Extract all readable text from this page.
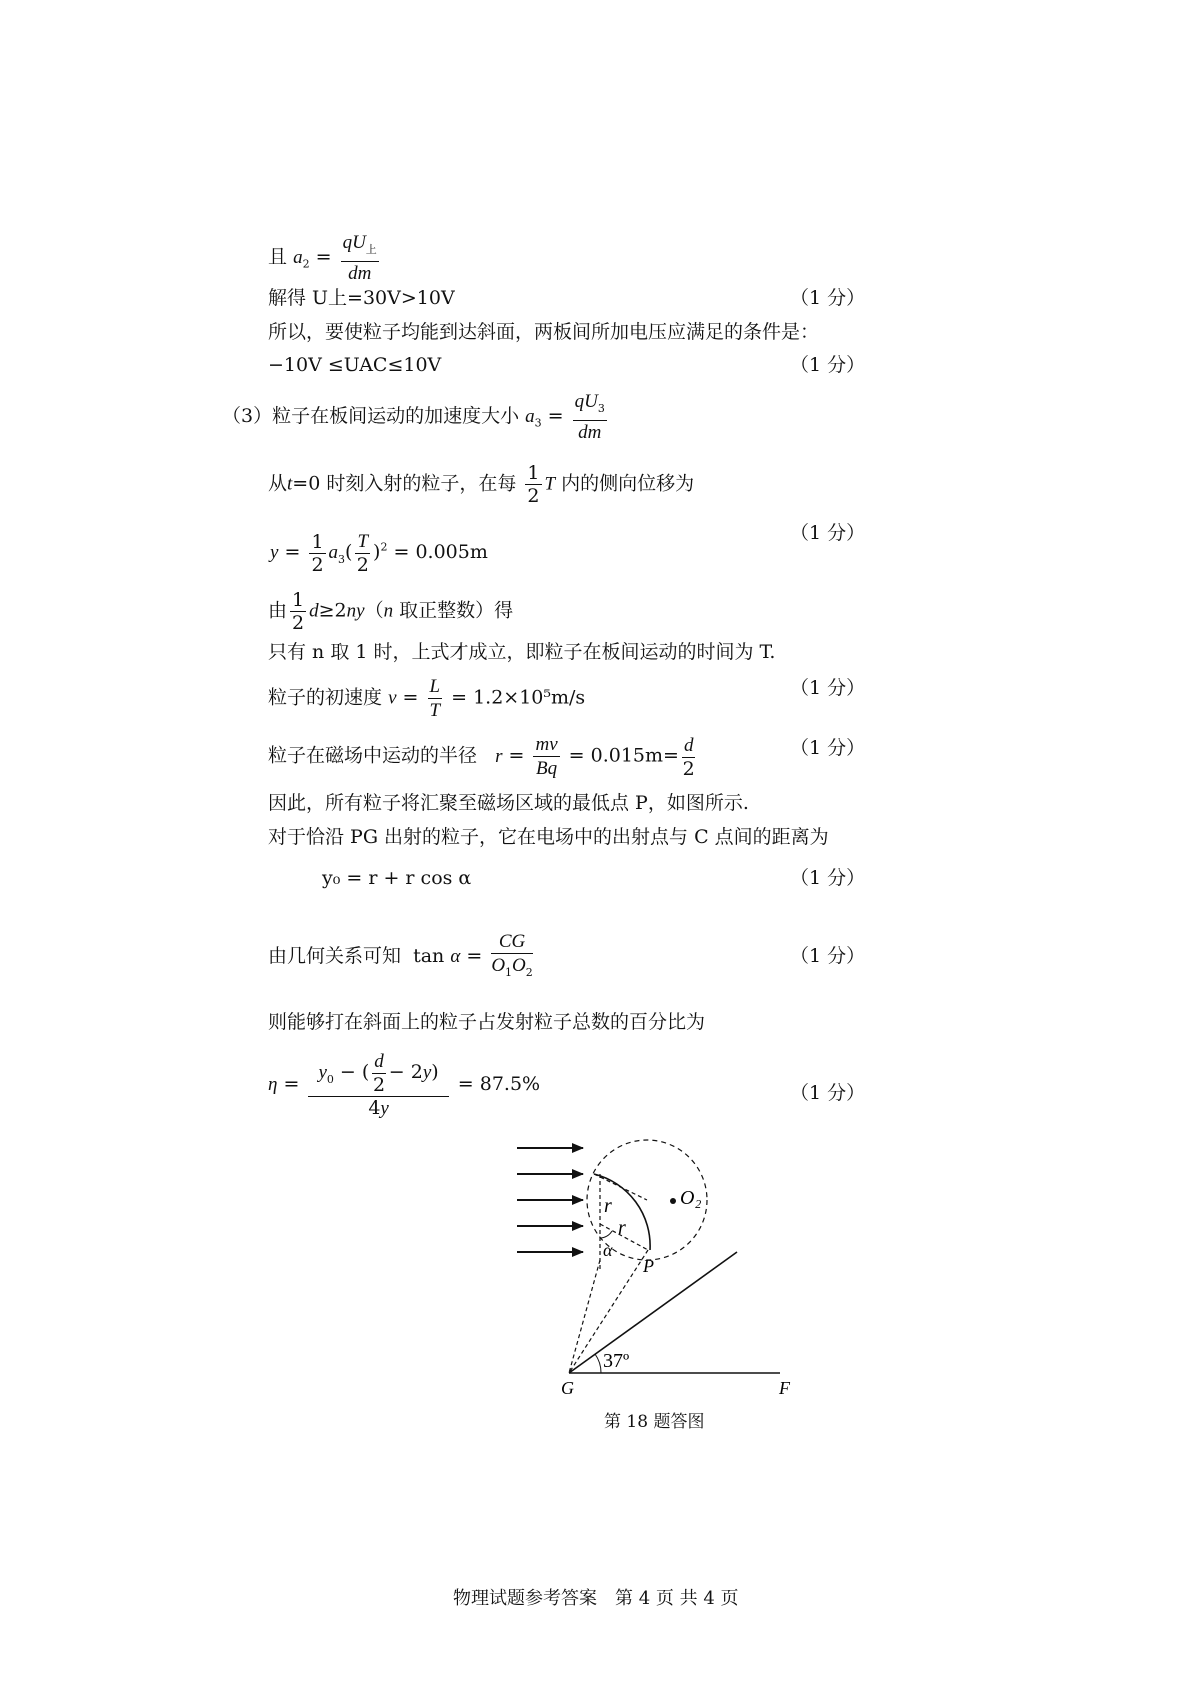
且 $a_2 = \frac{qU_上}{dm}$
解得 U上=30V>10V	（1 分）
所以，要使粒子均能到达斜面，两板间所加电压应满足的条件是：
−10V ≤UAC≤10V	（1 分）
（3）粒子在板间运动的加速度大小 $a_3 = \frac{qU_3}{dm}$
从t=0 时刻入射的粒子，在每 $\frac{1}{2}$ T 内的侧向位移为
$y = \frac{1}{2} a_3( \frac{T}{2} )^2 = 0.005m$
（1 分）
由 $\frac{1}{2} d\ge 2ny(n$ 取正整数）得
只有 n 取 1 时，上式才成立，即粒子在板间运动的时间为 T.
粒子的初速度 $v = \frac{L}{T} = 1.2\times 10^5m/s$	（1 分）
粒子在磁场中运动的半径 $r = \frac{mv}{Bq} = 0.015m= \frac{d}{2}$	（1 分）
因此，所有粒子将汇聚至磁场区域的最低点 P，如图所示.
对于恰沿 PG 出射的粒子，它在电场中的出射点与 C 点间的距离为
y₀ = r + r cos α	（1 分）
由几何关系可知 $\tan \alpha = \frac{CG}{O_1O_2}$	（1 分）
则能够打在斜面上的粒子占发射粒子总数的百分比为
$\eta = \frac{y_0 - ( \frac{d}{2} - 2y)}{4y} = 87.5\%$	（1 分）
O₂
r
r
α
P
37º
G	F
第 18 题答图
物理试题参考答案　第 4 页 共 4 页
